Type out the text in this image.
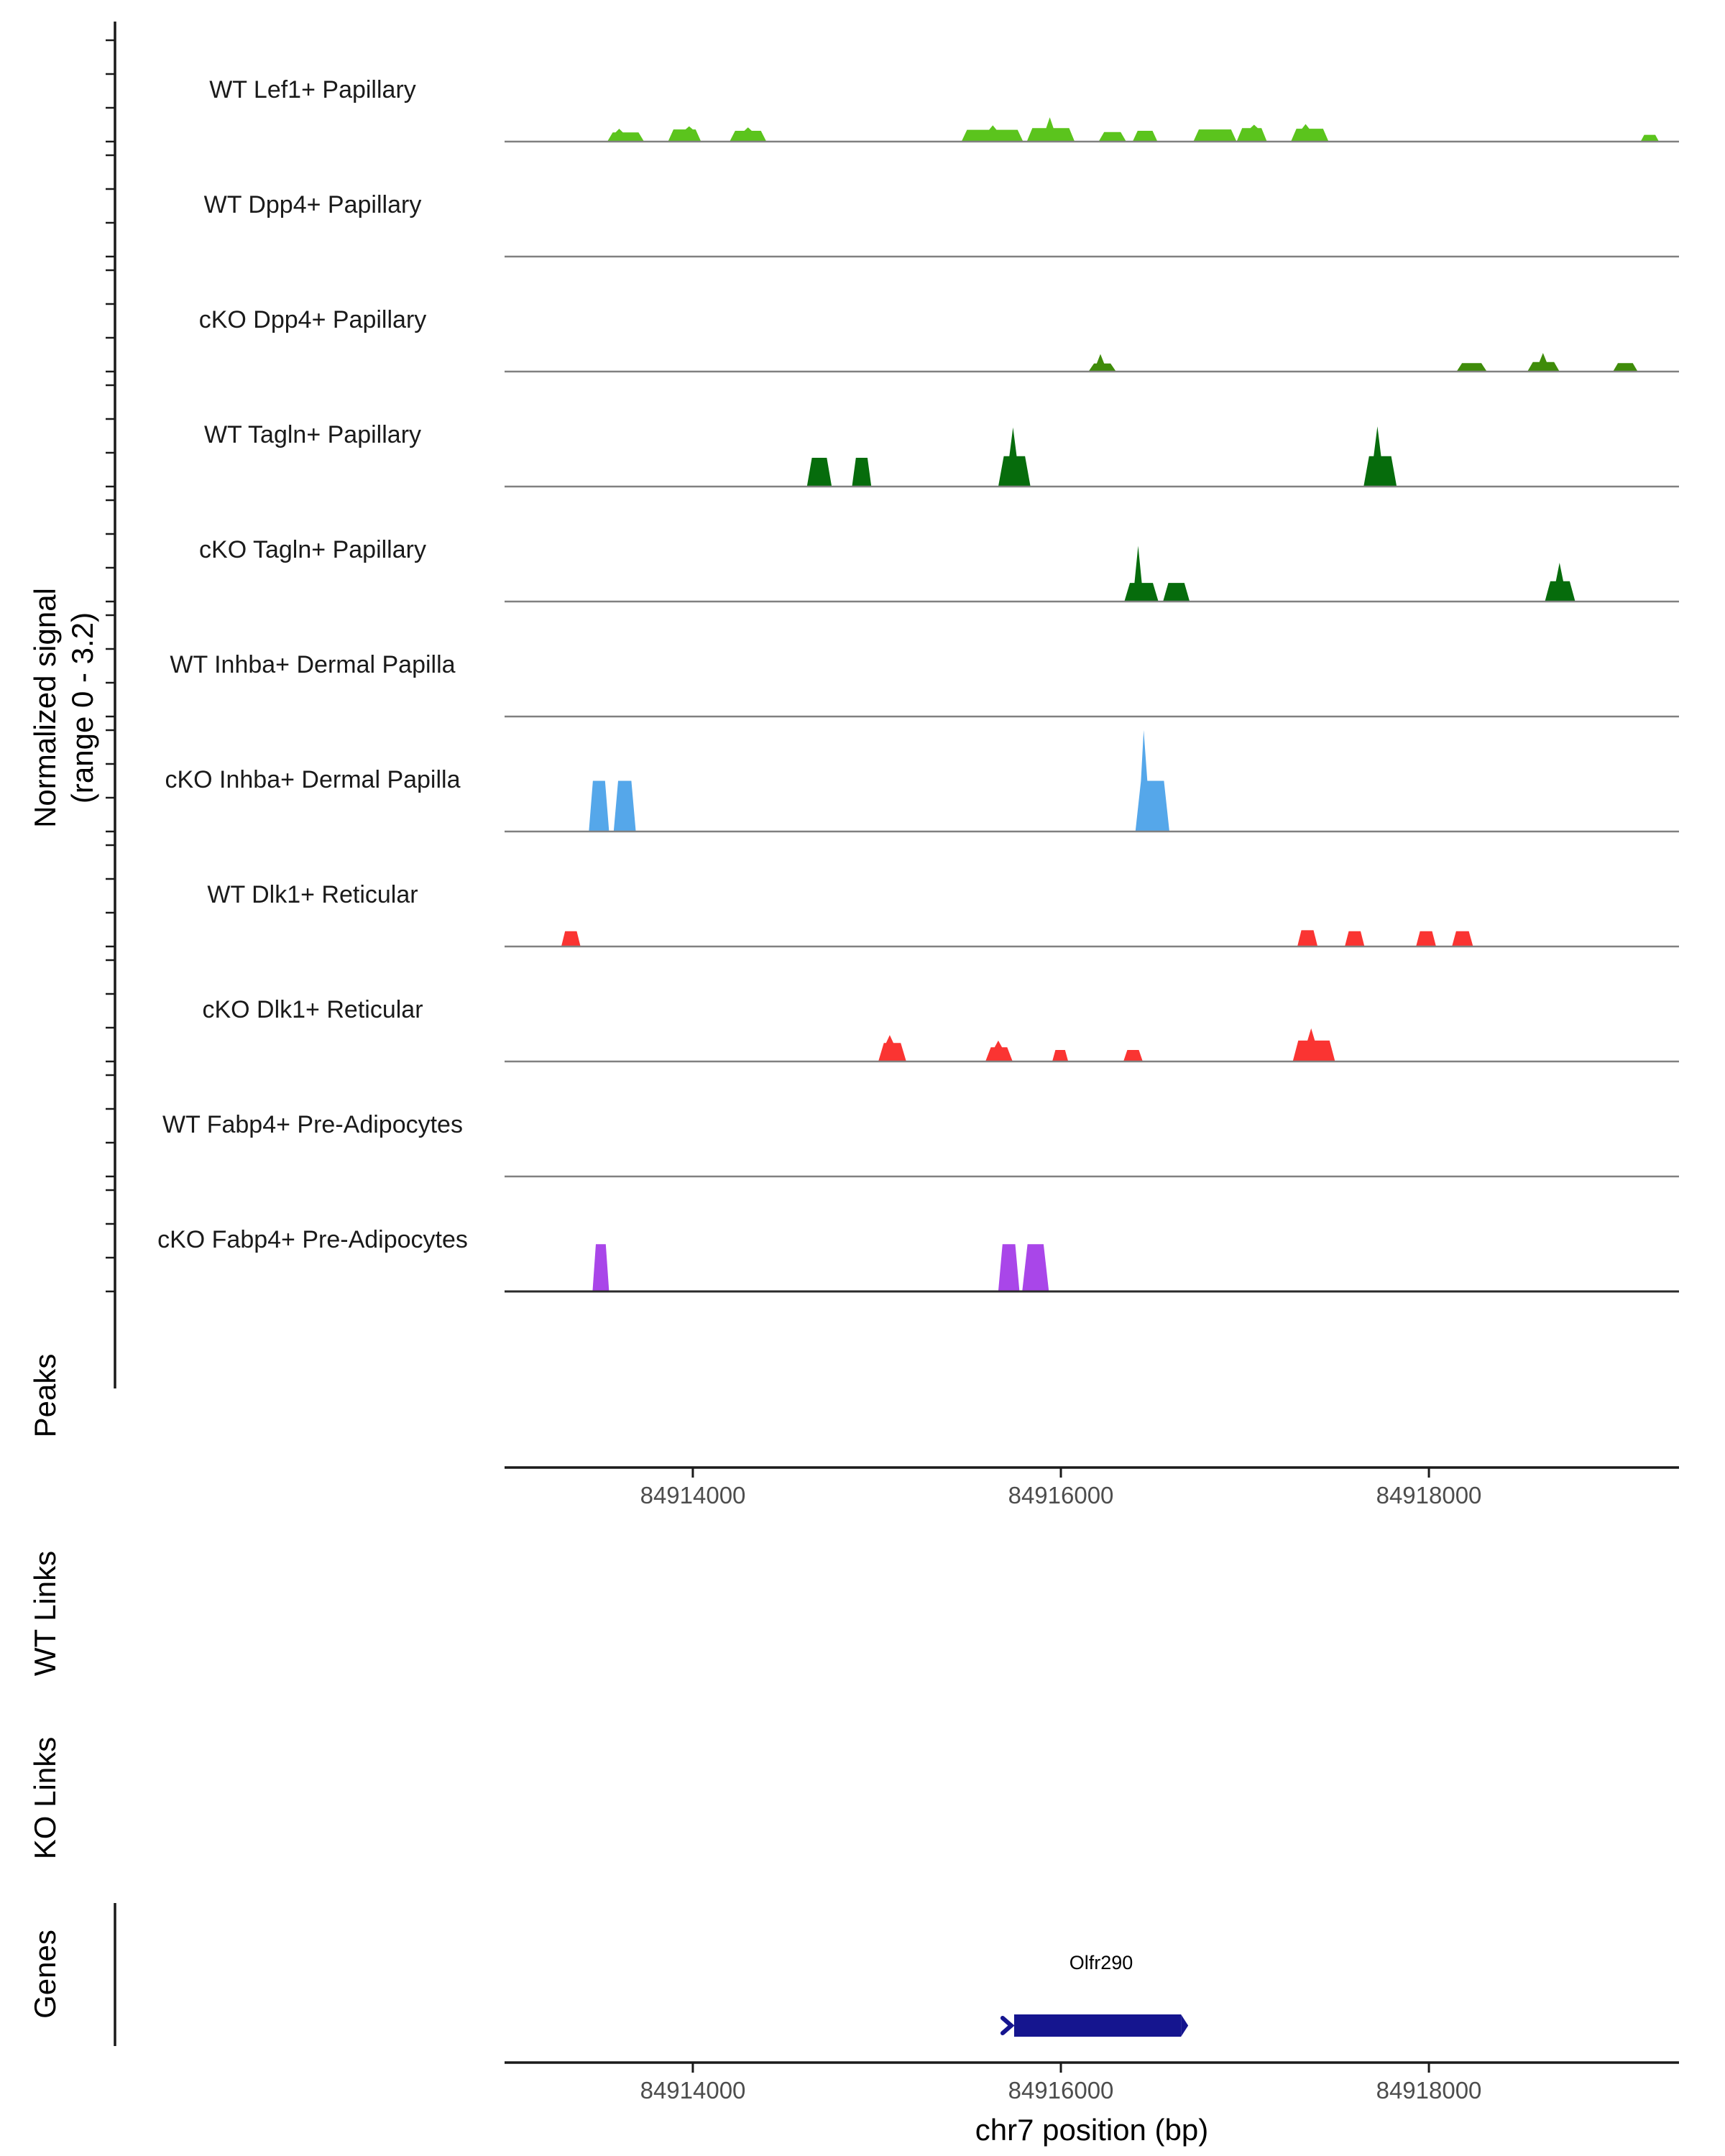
Normalized signal (range 0 - 3.2)
WT Lef1+ Papillary
WT Dpp4+ Papillary
cKO Dpp4+ Papillary
WT Tagln+ Papillary
cKO Tagln+ Papillary
WT Inhba+ Dermal Papilla
cKO Inhba+ Dermal Papilla
WT Dlk1+ Reticular
cKO Dlk1+ Reticular
WT Fabp4+ Pre-Adipocytes
cKO Fabp4+ Pre-Adipocytes
Peaks
WT Links
KO Links
Genes
84914000	84916000	84918000
Olfr290
84914000	84916000	84918000
chr7 position (bp)
